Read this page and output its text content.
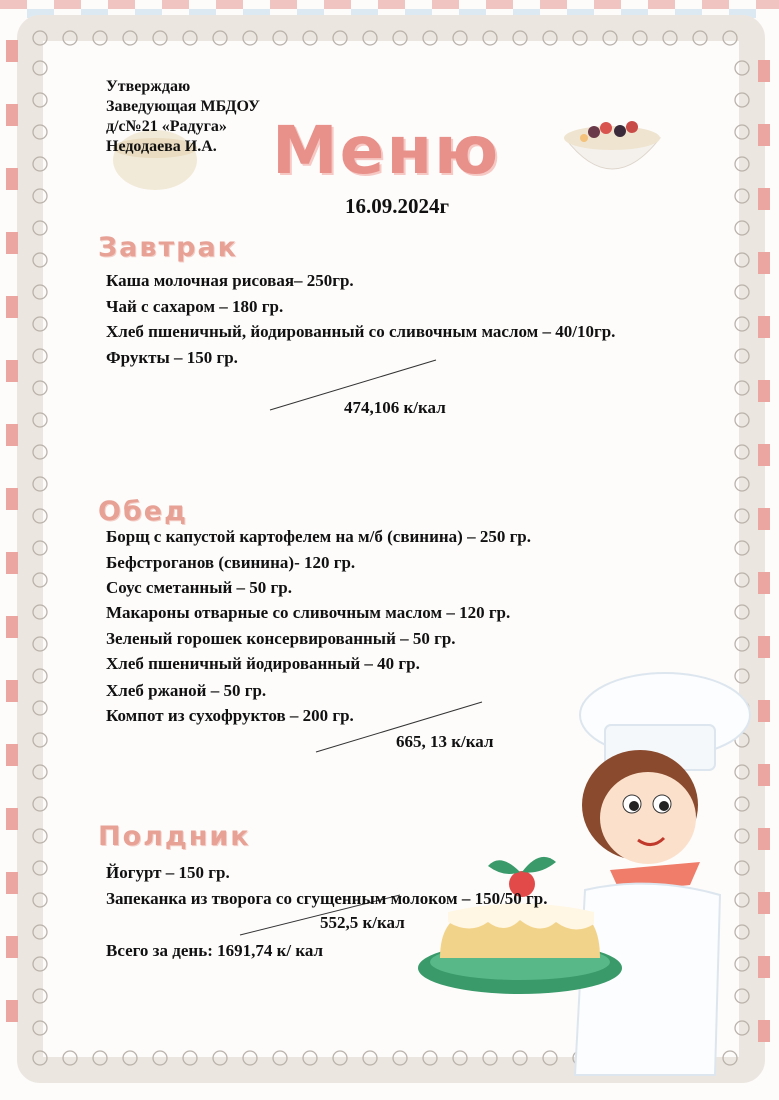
Утверждаю
Заведующая МБДОУ
д/с№21 «Радуга»
Недодаева И.А. Меню
16.09.2024г
Завтрак
Каша молочная рисовая– 250гр.
Чай с сахаром – 180 гр.
Хлеб пшеничный, йодированный со сливочным маслом – 40/10гр.
Фрукты – 150 гр.
474,106 к/кал
Обед
Борщ с капустой картофелем на м/б (свинина) – 250 гр.
Бефстроганов (свинина)- 120 гр.
Соус сметанный – 50 гр.
Макароны отварные со сливочным маслом – 120 гр.
Зеленый горошек консервированный – 50 гр.
Хлеб пшеничный йодированный – 40 гр.
Хлеб ржаной – 50 гр.
Компот из сухофруктов – 200 гр.
665, 13 к/кал
Полдник
Йогурт – 150 гр.
Запеканка из творога со сгущенным молоком – 150/50 гр.
552,5 к/кал
Всего за день: 1691,74 к/ кал
